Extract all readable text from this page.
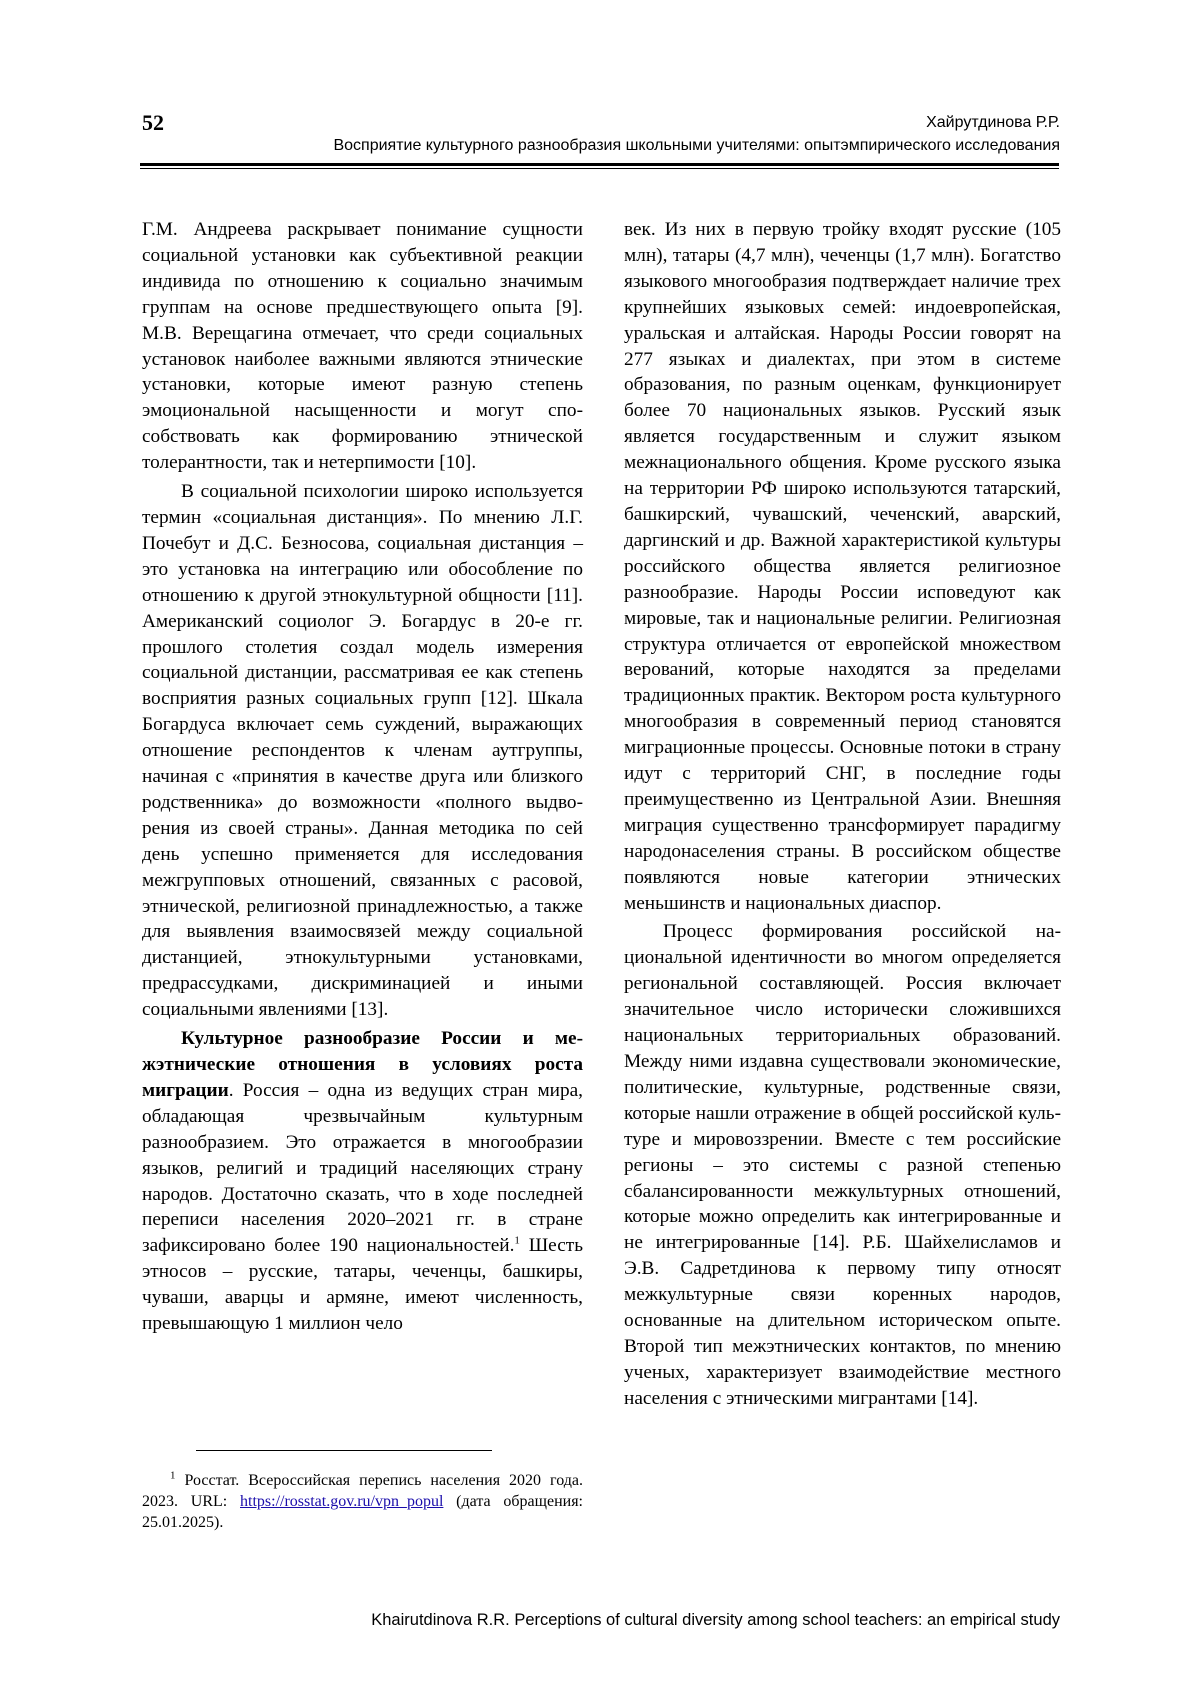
52	Хайрутдинова Р.Р.
Восприятие культурного разнообразия школьными учителями: опытэмпирического исследования

Г.М. Андреева раскрывает понимание сущности социальной установки как субъективной реакции индивида по отношению к социально значимым группам на основе предшествующего опыта [9]. М.В. Верещагина отмечает, что среди социальных установок наиболее важными являются этнические установки, которые имеют разную степень эмоциональной насыщенности и могут способствовать как формированию этнической толерантности, так и нетерпимости [10].

В социальной психологии широко используется термин «социальная дистанция». По мнению Л.Г. Почебут и Д.С. Безносова, социальная дистанция – это установка на интеграцию или обособление по отношению к другой этнокультурной общности [11]. Американский социолог Э. Богардус в 20-е гг. прошлого столетия создал модель измерения социальной дистанции, рассматривая ее как степень восприятия разных социальных групп [12]. Шкала Богардуса включает семь суждений, выражающих отношение респондентов к членам аутгруппы, начиная с «принятия в качестве друга или близкого родственника» до возможности «полного выдворения из своей страны». Данная методика по сей день успешно применяется для исследования межгрупповых отношений, связанных с расовой, этнической, религиозной принадлежностью, а также для выявления взаимосвязей между социальной дистанцией, этнокультурными установками, предрассудками, дискриминацией и иными социальными явлениями [13].

Культурное разнообразие России и межэтнические отношения в условиях роста миграции. Россия – одна из ведущих стран мира, обладающая чрезвычайным культурным разнообразием. Это отражается в многообразии языков, религий и традиций населяющих страну народов. Достаточно сказать, что в ходе последней переписи населения 2020–2021 гг. в стране зафиксировано более 190 национальностей.$^1$ Шесть этносов – русские, татары, чеченцы, башкиры, чуваши, аварцы и армяне, имеют численность, превышающую 1 миллион чело

век. Из них в первую тройку входят русские (105 млн), татары (4,7 млн), чеченцы (1,7 млн). Богатство языкового многообразия подтверждает наличие трех крупнейших языковых семей: индоевропейская, уральская и алтайская. Народы России говорят на 277 языках и диалектах, при этом в системе образования, по разным оценкам, функционирует более 70 национальных языков. Русский язык является государственным и служит языком межнационального общения. Кроме русского языка на территории РФ широко используются татарский, башкирский, чувашский, чеченский, аварский, даргинский и др. Важной характеристикой культуры российского общества является религиозное разнообразие. Народы России исповедуют как мировые, так и национальные религии. Религиозная структура отличается от европейской множеством верований, которые находятся за пределами традиционных практик. Вектором роста культурного многообразия в современный период становятся миграционные процессы. Основные потоки в страну идут с территорий СНГ, в последние годы преимущественно из Центральной Азии. Внешняя миграция существенно трансформирует парадигму народонаселения страны. В российском обществе появляются новые категории этнических меньшинств и национальных диаспор.

Процесс формирования российской национальной идентичности во многом определяется региональной составляющей. Россия включает значительное число исторически сложившихся национальных территориальных образований. Между ними издавна существовали экономические, политические, культурные, родственные связи, которые нашли отражение в общей российской культуре и мировоззрении. Вместе с тем российские регионы – это системы с разной степенью сбалансированности межкультурных отношений, которые можно определить как интегрированные и не интегрированные [14]. Р.Б. Шайхелисламов и Э.В. Садретдинова к первому типу относят межкультурные связи коренных народов, основанные на длительном историческом опыте. Второй тип межэтнических контактов, по мнению ученых, характеризует взаимодействие местного населения с этническими мигрантами [14].

$^1$ Росстат. Всероссийская перепись населения 2020 года. 2023. URL: https://rosstat.gov.ru/vpn_popul (дата обращения: 25.01.2025).
Khairutdinova R.R. Perceptions of cultural diversity among school teachers: an empirical study
